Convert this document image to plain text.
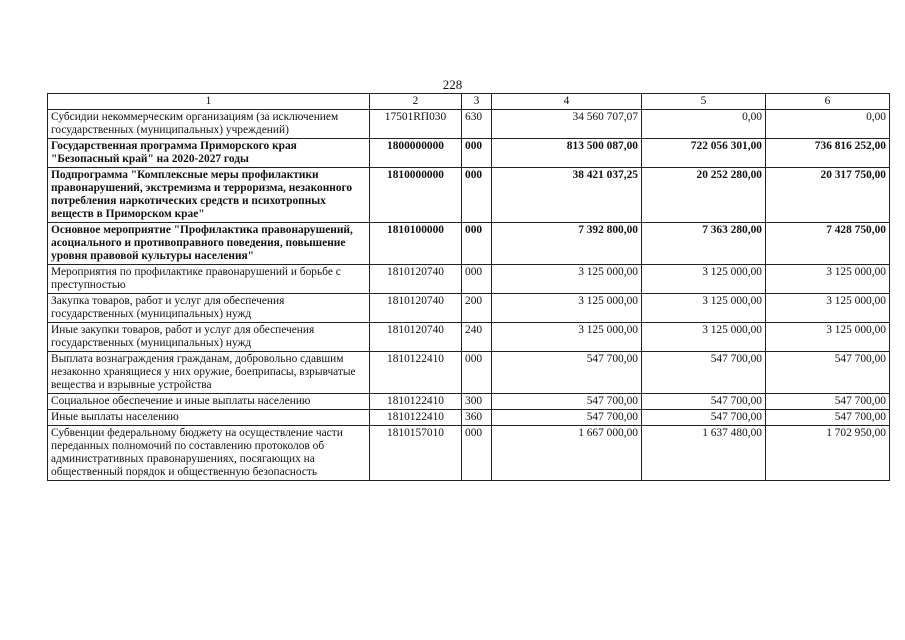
228
1	2	3	4	5	6
Субсидии некоммерческим организациям (за исключением государственных (муниципальных) учреждений)	17501RП030	630	34 560 707,07	0,00	0,00
Государственная программа Приморского края "Безопасный край" на 2020-2027 годы	1800000000	000	813 500 087,00	722 056 301,00	736 816 252,00
Подпрограмма "Комплексные меры профилактики правонарушений, экстремизма и терроризма, незаконного потребления наркотических средств и психотропных веществ в Приморском крае"	1810000000	000	38 421 037,25	20 252 280,00	20 317 750,00
Основное мероприятие "Профилактика правонарушений, асоциального и противоправного поведения, повышение уровня правовой культуры населения"	1810100000	000	7 392 800,00	7 363 280,00	7 428 750,00
Мероприятия по профилактике правонарушений и борьбе с преступностью	1810120740	000	3 125 000,00	3 125 000,00	3 125 000,00
Закупка товаров, работ и услуг для обеспечения государственных (муниципальных) нужд	1810120740	200	3 125 000,00	3 125 000,00	3 125 000,00
Иные закупки товаров, работ и услуг для обеспечения государственных (муниципальных) нужд	1810120740	240	3 125 000,00	3 125 000,00	3 125 000,00
Выплата вознаграждения гражданам, добровольно сдавшим незаконно хранящиеся у них оружие, боеприпасы, взрывчатые вещества и взрывные устройства	1810122410	000	547 700,00	547 700,00	547 700,00
Социальное обеспечение и иные выплаты населению	1810122410	300	547 700,00	547 700,00	547 700,00
Иные выплаты населению	1810122410	360	547 700,00	547 700,00	547 700,00
Субвенции федеральному бюджету на осуществление части переданных полномочий по составлению протоколов об административных правонарушениях, посягающих на общественный порядок и общественную безопасность	1810157010	000	1 667 000,00	1 637 480,00	1 702 950,00
